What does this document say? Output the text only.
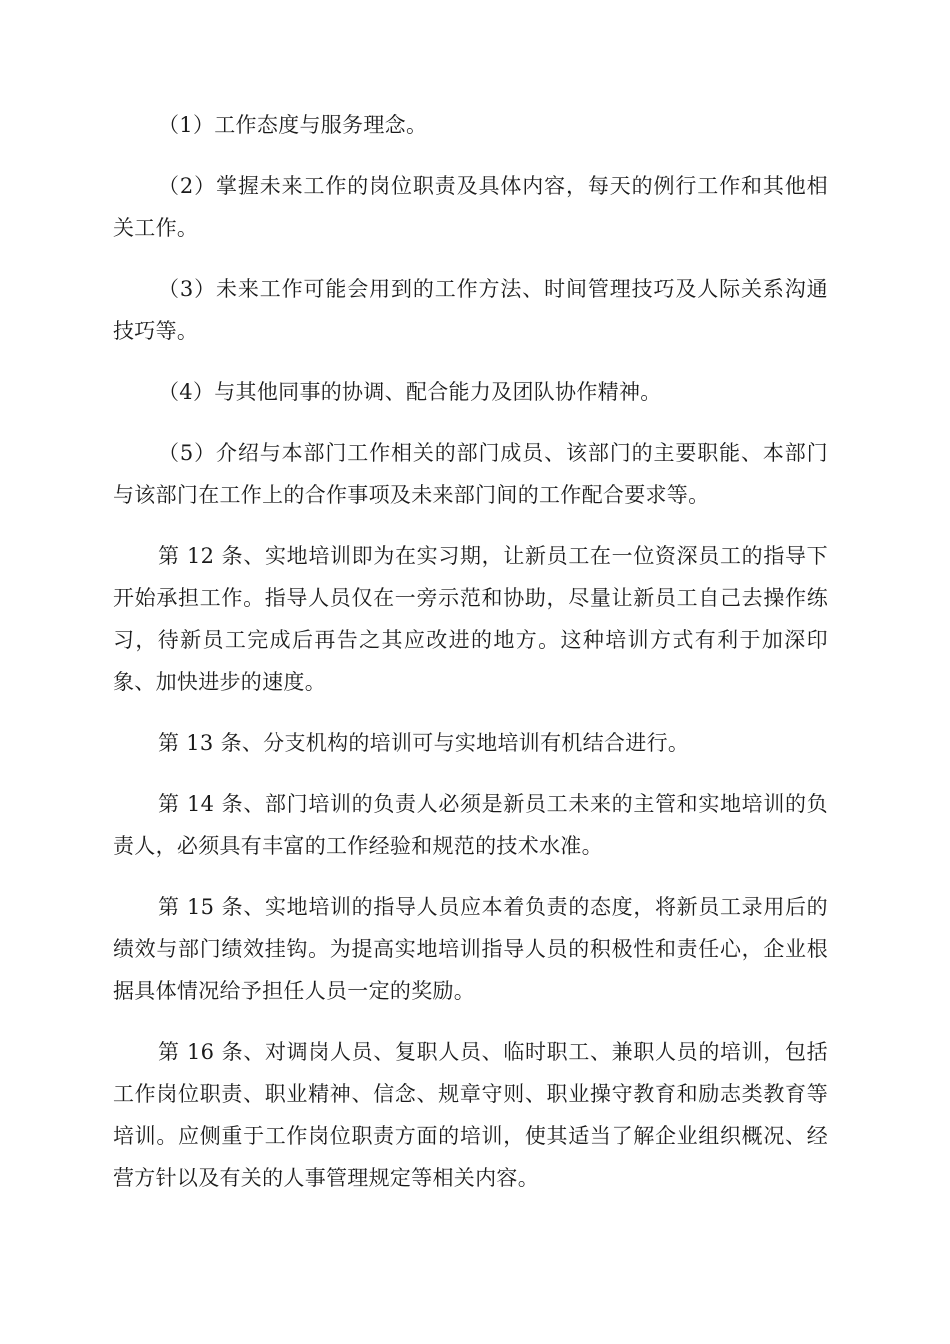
（1）工作态度与服务理念。

（2）掌握未来工作的岗位职责及具体内容，每天的例行工作和其他相关工作。

（3）未来工作可能会用到的工作方法、时间管理技巧及人际关系沟通技巧等。

（4）与其他同事的协调、配合能力及团队协作精神。

（5）介绍与本部门工作相关的部门成员、该部门的主要职能、本部门与该部门在工作上的合作事项及未来部门间的工作配合要求等。

第 12 条、实地培训即为在实习期，让新员工在一位资深员工的指导下开始承担工作。指导人员仅在一旁示范和协助，尽量让新员工自己去操作练习，待新员工完成后再告之其应改进的地方。这种培训方式有利于加深印象、加快进步的速度。

第 13 条、分支机构的培训可与实地培训有机结合进行。

第 14 条、部门培训的负责人必须是新员工未来的主管和实地培训的负责人，必须具有丰富的工作经验和规范的技术水准。

第 15 条、实地培训的指导人员应本着负责的态度，将新员工录用后的绩效与部门绩效挂钩。为提高实地培训指导人员的积极性和责任心，企业根据具体情况给予担任人员一定的奖励。

第 16 条、对调岗人员、复职人员、临时职工、兼职人员的培训，包括工作岗位职责、职业精神、信念、规章守则、职业操守教育和励志类教育等培训。应侧重于工作岗位职责方面的培训，使其适当了解企业组织概况、经营方针以及有关的人事管理规定等相关内容。
